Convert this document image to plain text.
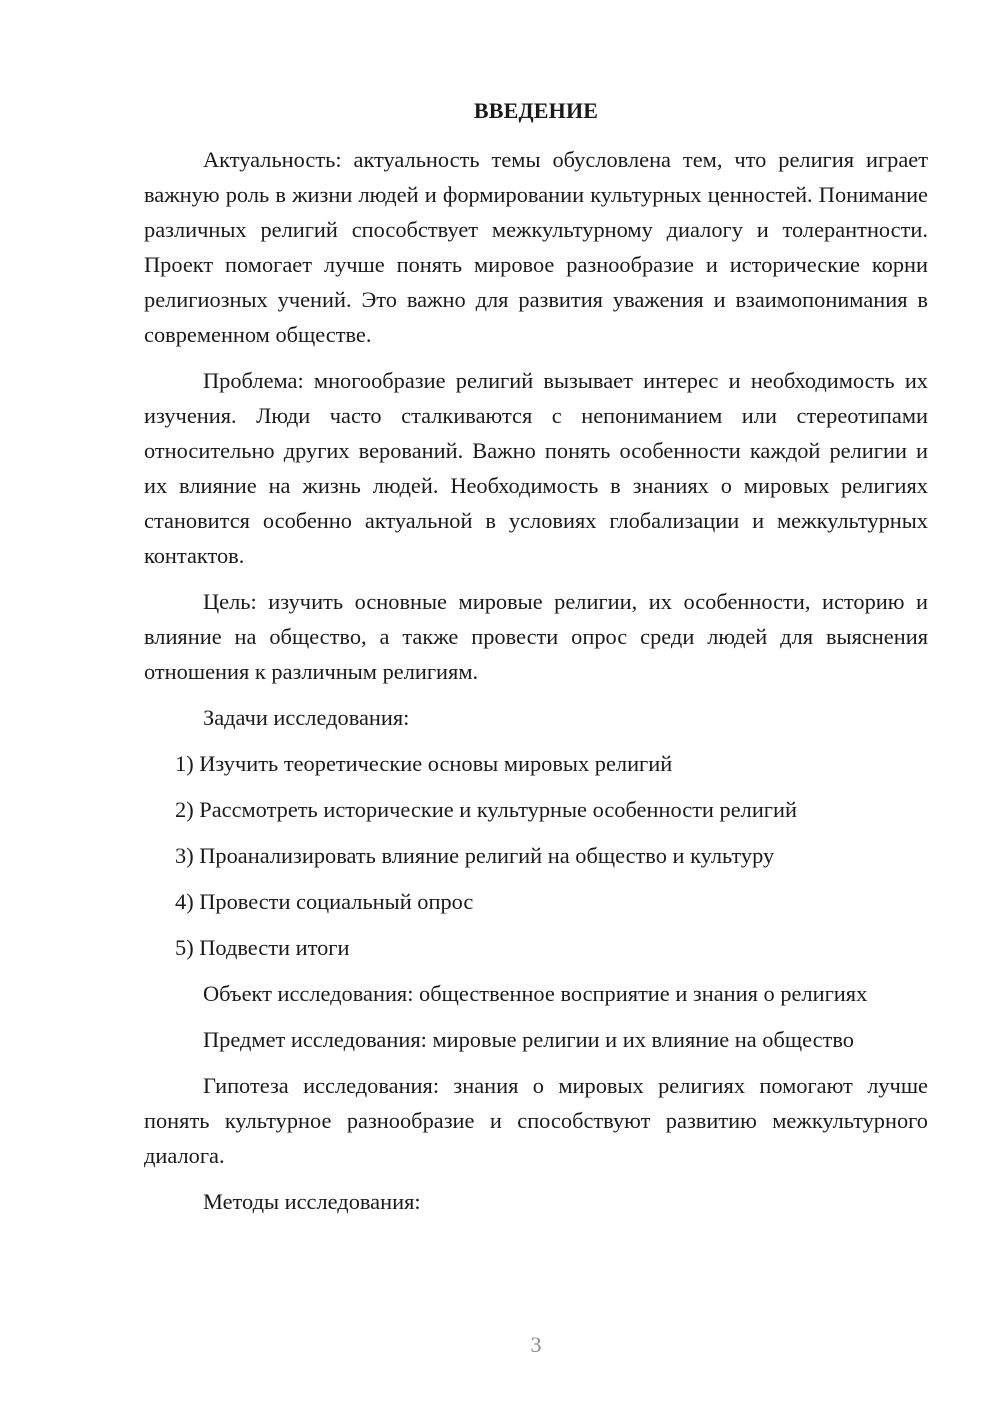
ВВЕДЕНИЕ

Актуальность: актуальность темы обусловлена тем, что религия играет важную роль в жизни людей и формировании культурных ценностей. Понимание различных религий способствует межкультурному диалогу и толерантности. Проект помогает лучше понять мировое разнообразие и исторические корни религиозных учений. Это важно для развития уважения и взаимопонимания в современном обществе.

Проблема: многообразие религий вызывает интерес и необходимость их изучения. Люди часто сталкиваются с непониманием или стереотипами относительно других верований. Важно понять особенности каждой религии и их влияние на жизнь людей. Необходимость в знаниях о мировых религиях становится особенно актуальной в условиях глобализации и межкультурных контактов.

Цель: изучить основные мировые религии, их особенности, историю и влияние на общество, а также провести опрос среди людей для выяснения отношения к различным религиям.

Задачи исследования:

1) Изучить теоретические основы мировых религий

2) Рассмотреть исторические и культурные особенности религий

3) Проанализировать влияние религий на общество и культуру

4) Провести социальный опрос

5) Подвести итоги

Объект исследования: общественное восприятие и знания о религиях

Предмет исследования: мировые религии и их влияние на общество

Гипотеза исследования: знания о мировых религиях помогают лучше понять культурное разнообразие и способствуют развитию межкультурного диалога.

Методы исследования:

3
